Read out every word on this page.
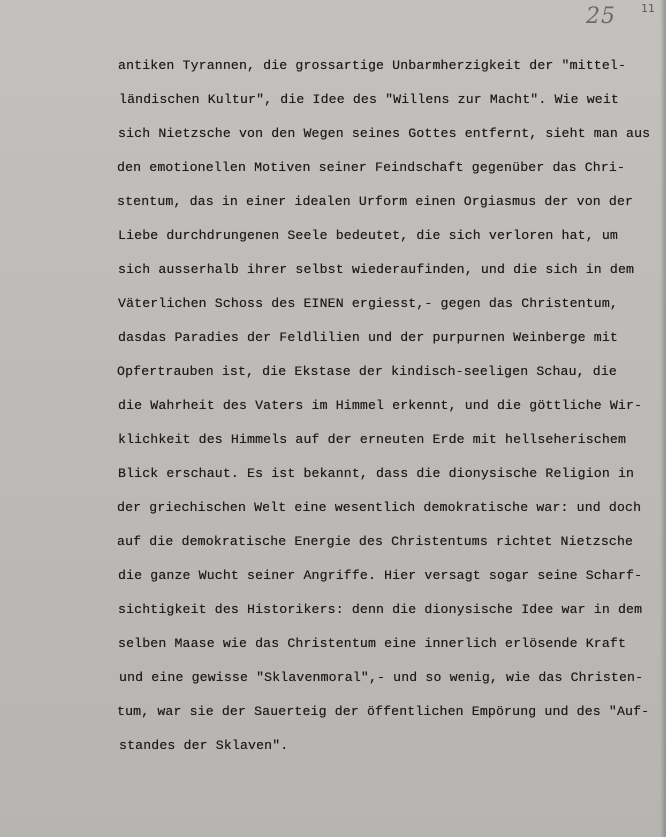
25 11
antiken Tyrannen, die grossartige Unbarmherzigkeit der "mittel-
ländischen Kultur", die Idee des "Willens zur Macht". Wie weit
sich Nietzsche von den Wegen seines Gottes entfernt, sieht man aus
den emotionellen Motiven seiner Feindschaft gegenüber das Chri-
stentum, das in einer idealen Urform einen Orgiasmus der von der
Liebe durchdrungenen Seele bedeutet, die sich verloren hat, um
sich ausserhalb ihrer selbst wiederaufinden, und die sich in dem
Väterlichen Schoss des EINEN ergiesst,- gegen das Christentum,
dasdas Paradies der Feldlilien und der purpurnen Weinberge mit
Opfertrauben ist, die Ekstase der kindisch-seeligen Schau, die
die Wahrheit des Vaters im Himmel erkennt, und die göttliche Wir-
klichkeit des Himmels auf der erneuten Erde mit hellseherischem
Blick erschaut. Es ist bekannt, dass die dionysische Religion in
der griechischen Welt eine wesentlich demokratische war: und doch
auf die demokratische Energie des Christentums richtet Nietzsche
die ganze Wucht seiner Angriffe. Hier versagt sogar seine Scharf-
sichtigkeit des Historikers: denn die dionysische Idee war in dem
selben Maase wie das Christentum eine innerlich erlösende Kraft
und eine gewisse "Sklavenmoral",- und so wenig, wie das Christen-
tum, war sie der Sauerteig der öffentlichen Empörung und des "Auf-
standes der Sklaven".
